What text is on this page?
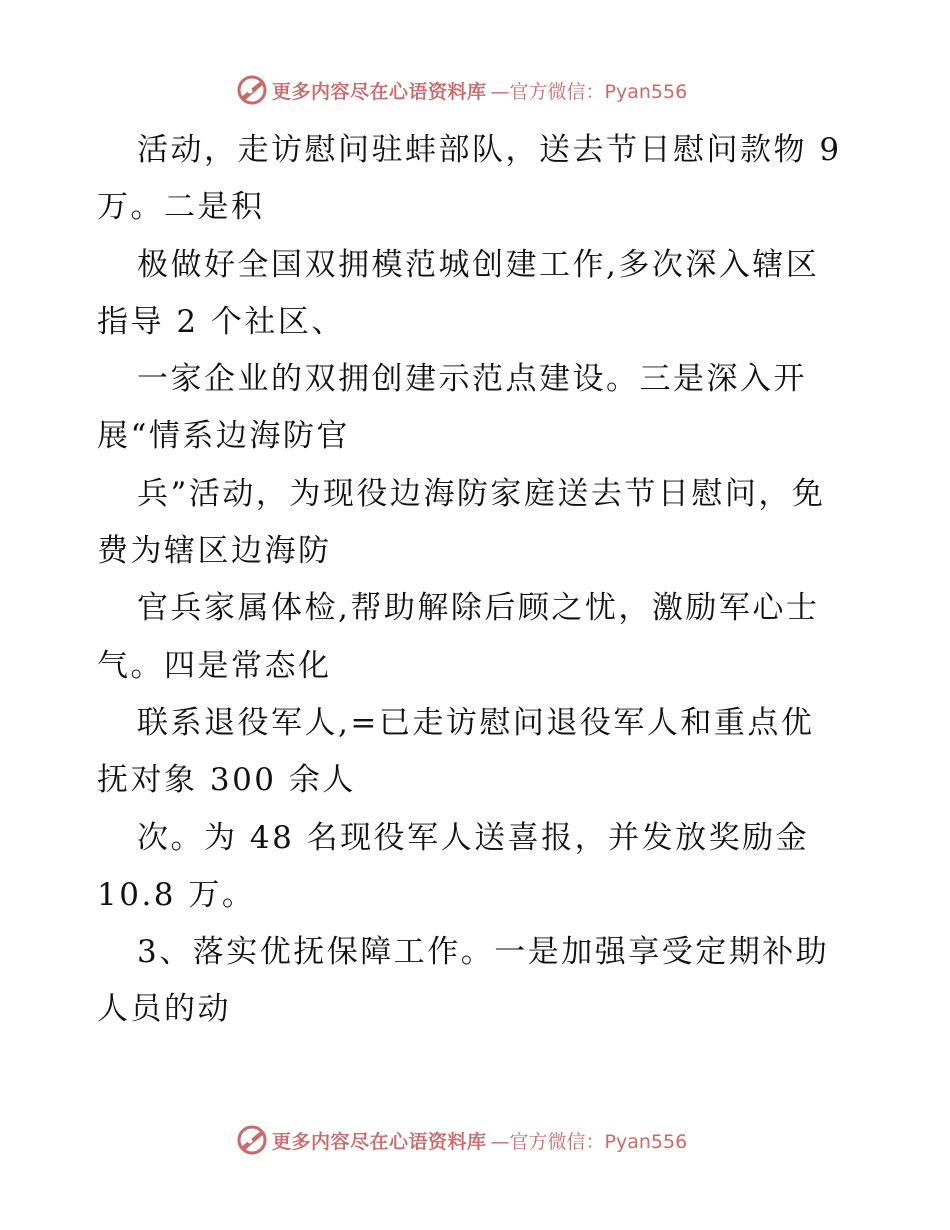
更多内容尽在心语资料库 —官方微信：Pyan556
活动，走访慰问驻蚌部队，送去节日慰问款物 9
万。二是积
极做好全国双拥模范城创建工作,多次深入辖区
指导 2 个社区、
一家企业的双拥创建示范点建设。三是深入开
展“情系边海防官
兵”活动，为现役边海防家庭送去节日慰问，免
费为辖区边海防
官兵家属体检,帮助解除后顾之忧，激励军心士
气。四是常态化
联系退役军人,=已走访慰问退役军人和重点优
抚对象 300 余人
次。为 48 名现役军人送喜报，并发放奖励金
10.8 万。
3、落实优抚保障工作。一是加强享受定期补助
人员的动
更多内容尽在心语资料库 —官方微信：Pyan556
